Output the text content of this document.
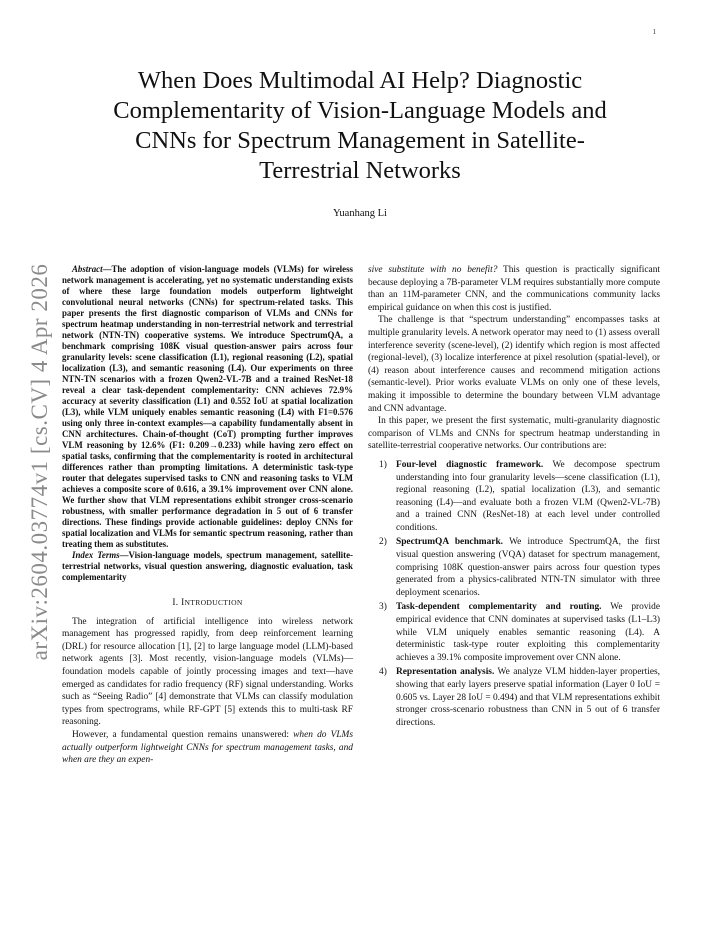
1
arXiv:2604.03774v1 [cs.CV] 4 Apr 2026
When Does Multimodal AI Help? Diagnostic Complementarity of Vision-Language Models and CNNs for Spectrum Management in Satellite-Terrestrial Networks
Yuanhang Li

Abstract—The adoption of vision-language models (VLMs) for wireless network management is accelerating, yet no systematic understanding exists of where these large foundation models outperform lightweight convolutional neural networks (CNNs) for spectrum-related tasks. This paper presents the first diagnostic comparison of VLMs and CNNs for spectrum heatmap understanding in non-terrestrial network and terrestrial network (NTN-TN) cooperative systems. We introduce SpectrumQA, a benchmark comprising 108K visual question-answer pairs across four granularity levels: scene classification (L1), regional reasoning (L2), spatial localization (L3), and semantic reasoning (L4). Our experiments on three NTN-TN scenarios with a frozen Qwen2-VL-7B and a trained ResNet-18 reveal a clear task-dependent complementarity: CNN achieves 72.9% accuracy at severity classification (L1) and 0.552 IoU at spatial localization (L3), while VLM uniquely enables semantic reasoning (L4) with F1=0.576 using only three in-context examples—a capability fundamentally absent in CNN architectures. Chain-of-thought (CoT) prompting further improves VLM reasoning by 12.6% (F1: 0.209→0.233) while having zero effect on spatial tasks, confirming that the complementarity is rooted in architectural differences rather than prompting limitations. A deterministic task-type router that delegates supervised tasks to CNN and reasoning tasks to VLM achieves a composite score of 0.616, a 39.1% improvement over CNN alone. We further show that VLM representations exhibit stronger cross-scenario robustness, with smaller performance degradation in 5 out of 6 transfer directions. These findings provide actionable guidelines: deploy CNNs for spatial localization and VLMs for semantic spectrum reasoning, rather than treating them as substitutes.

Index Terms—Vision-language models, spectrum management, satellite-terrestrial networks, visual question answering, diagnostic evaluation, task complementarity

I. INTRODUCTION

The integration of artificial intelligence into wireless network management has progressed rapidly, from deep reinforcement learning (DRL) for resource allocation [1], [2] to large language model (LLM)-based network agents [3]. Most recently, vision-language models (VLMs)—foundation models capable of jointly processing images and text—have emerged as candidates for radio frequency (RF) signal understanding. Works such as “Seeing Radio” [4] demonstrate that VLMs can classify modulation types from spectrograms, while RF-GPT [5] extends this to multi-task RF reasoning.

However, a fundamental question remains unanswered: when do VLMs actually outperform lightweight CNNs for spectrum management tasks, and when are they an expen-

sive substitute with no benefit? This question is practically significant because deploying a 7B-parameter VLM requires substantially more compute than an 11M-parameter CNN, and the communications community lacks empirical guidance on when this cost is justified.

The challenge is that “spectrum understanding” encompasses tasks at multiple granularity levels. A network operator may need to (1) assess overall interference severity (scene-level), (2) identify which region is most affected (regional-level), (3) localize interference at pixel resolution (spatial-level), or (4) reason about interference causes and recommend mitigation actions (semantic-level). Prior works evaluate VLMs on only one of these levels, making it impossible to determine the boundary between VLM advantage and CNN advantage.

In this paper, we present the first systematic, multi-granularity diagnostic comparison of VLMs and CNNs for spectrum heatmap understanding in satellite-terrestrial cooperative networks. Our contributions are:

1) Four-level diagnostic framework. We decompose spectrum understanding into four granularity levels—scene classification (L1), regional reasoning (L2), spatial localization (L3), and semantic reasoning (L4)—and evaluate both a frozen VLM (Qwen2-VL-7B) and a trained CNN (ResNet-18) at each level under controlled conditions.
2) SpectrumQA benchmark. We introduce SpectrumQA, the first visual question answering (VQA) dataset for spectrum management, comprising 108K question-answer pairs across four question types generated from a physics-calibrated NTN-TN simulator with three deployment scenarios.
3) Task-dependent complementarity and routing. We provide empirical evidence that CNN dominates at supervised tasks (L1–L3) while VLM uniquely enables semantic reasoning (L4). A deterministic task-type router exploiting this complementarity achieves a 39.1% composite improvement over CNN alone.
4) Representation analysis. We analyze VLM hidden-layer properties, showing that early layers preserve spatial information (Layer 0 IoU = 0.605 vs. Layer 28 IoU = 0.494) and that VLM representations exhibit stronger cross-scenario robustness than CNN in 5 out of 6 transfer directions.
